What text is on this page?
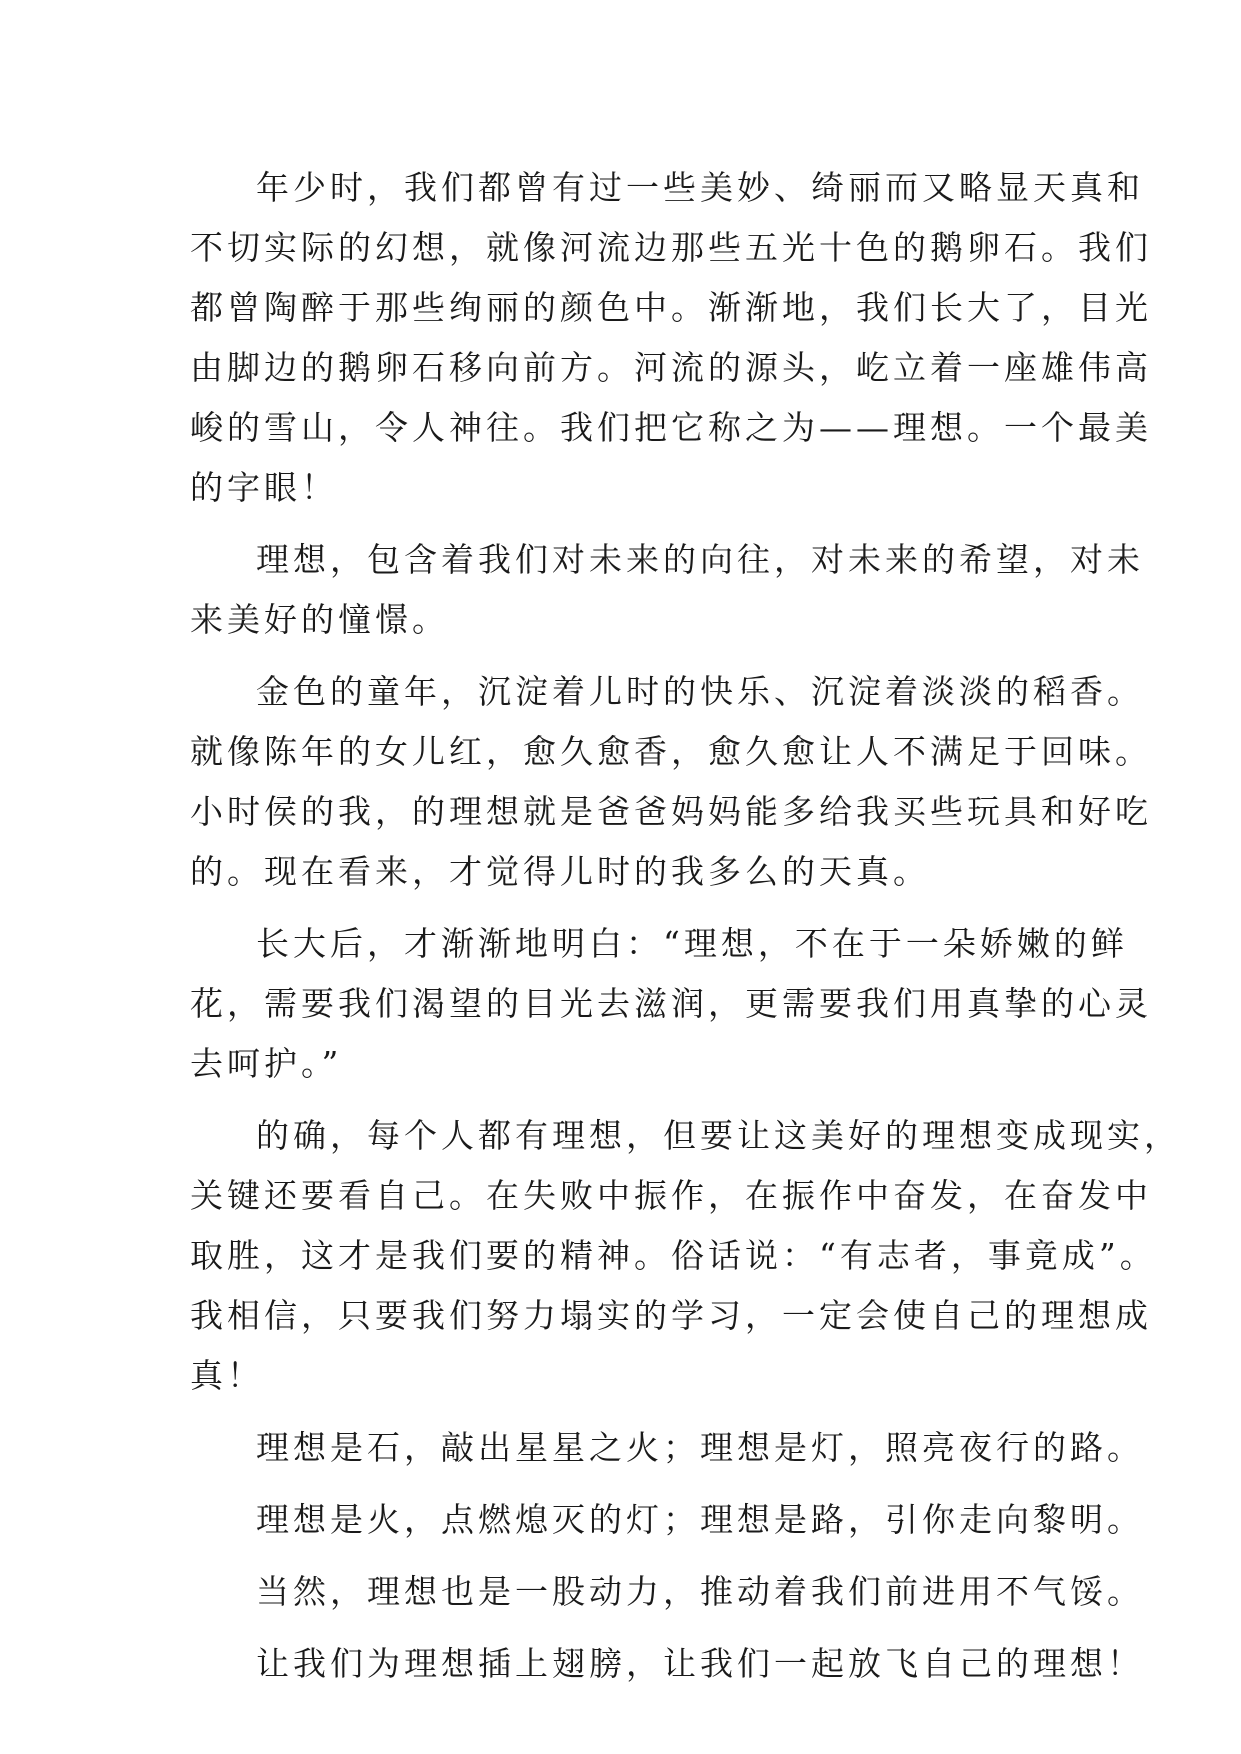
年少时，我们都曾有过一些美妙、绮丽而又略显天真和
不切实际的幻想，就像河流边那些五光十色的鹅卵石。我们
都曾陶醉于那些绚丽的颜色中。渐渐地，我们长大了，目光
由脚边的鹅卵石移向前方。河流的源头，屹立着一座雄伟高
峻的雪山，令人神往。我们把它称之为——理想。一个最美
的字眼！
理想，包含着我们对未来的向往，对未来的希望，对未
来美好的憧憬。
金色的童年，沉淀着儿时的快乐、沉淀着淡淡的稻香。
就像陈年的女儿红，愈久愈香，愈久愈让人不满足于回味。
小时侯的我，的理想就是爸爸妈妈能多给我买些玩具和好吃
的。现在看来，才觉得儿时的我多么的天真。
长大后，才渐渐地明白：“理想，不在于一朵娇嫩的鲜
花，需要我们渴望的目光去滋润，更需要我们用真挚的心灵
去呵护。”
的确，每个人都有理想，但要让这美好的理想变成现实，
关键还要看自己。在失败中振作，在振作中奋发，在奋发中
取胜，这才是我们要的精神。俗话说：“有志者，事竟成”。
我相信，只要我们努力塌实的学习，一定会使自己的理想成
真！
理想是石，敲出星星之火；理想是灯，照亮夜行的路。
理想是火，点燃熄灭的灯；理想是路，引你走向黎明。
当然，理想也是一股动力，推动着我们前进用不气馁。
让我们为理想插上翅膀，让我们一起放飞自己的理想！
